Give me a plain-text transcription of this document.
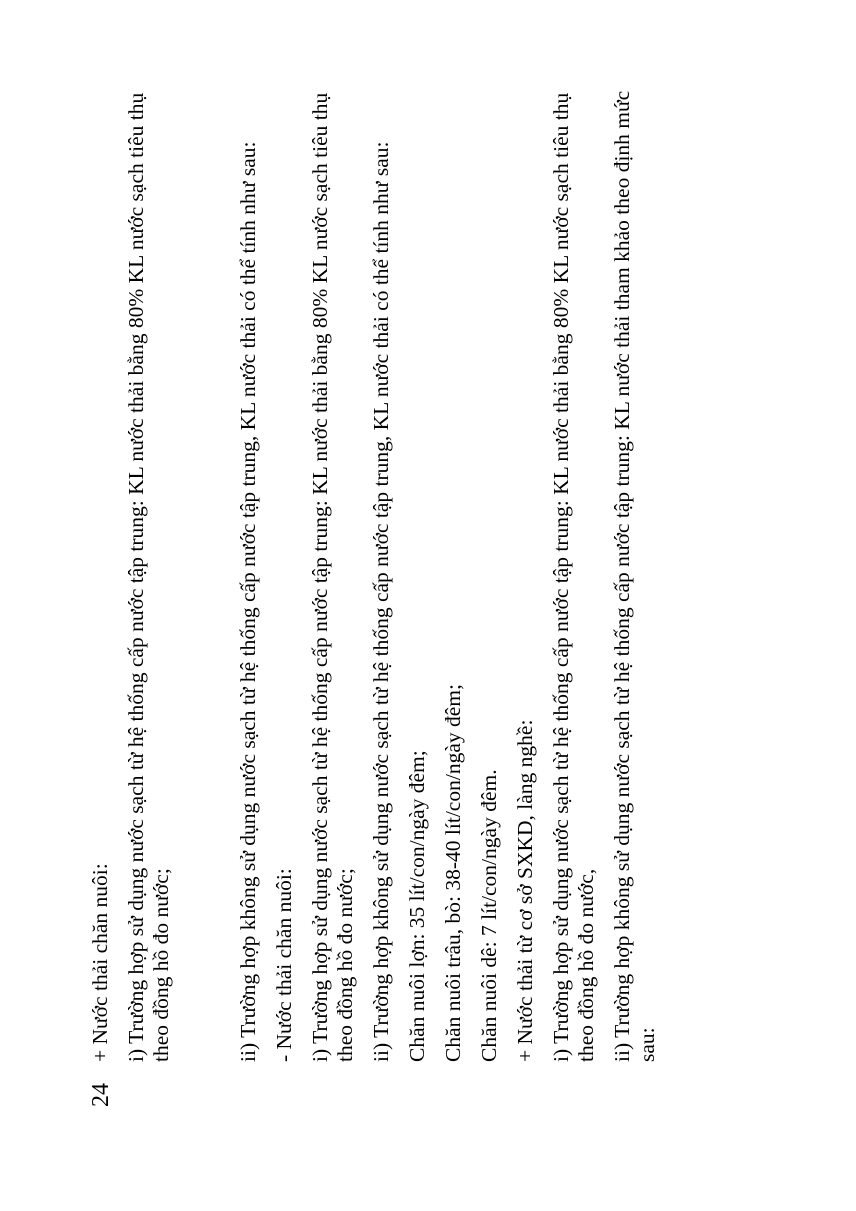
24

+ Nước thải chăn nuôi: i) Trường hợp sử dụng nước sạch từ hệ thống cấp nước tập trung: KL nước thải bằng 80% KL nước sạch tiêu thụ theo đồng hồ đo nước;	ii) Trường hợp không sử dụng nước sạch từ hệ thống cấp nước tập trung, KL nước thải có thể tính như sau: - Nước thải chăn nuôi: i) Trường hợp sử dụng nước sạch từ hệ thống cấp nước tập trung: KL nước thải bằng 80% KL nước sạch tiêu thụ theo đồng hồ đo nước; ii) Trường hợp không sử dụng nước sạch từ hệ thống cấp nước tập trung, KL nước thải có thể tính như sau: Chăn nuôi lợn: 35 lít/con/ngày đêm; Chăn nuôi trâu, bò: 38-40 lít/con/ngày đêm; Chăn nuôi dê: 7 lít/con/ngày đêm. + Nước thải từ cơ sở SXKD, làng nghề: i) Trường hợp sử dụng nước sạch từ hệ thống cấp nước tập trung: KL nước thải bằng 80% KL nước sạch tiêu thụ theo đồng hồ đo nước, ii) Trường hợp không sử dụng nước sạch từ hệ thống cấp nước tập trung: KL nước thải tham khảo theo định mức sau:
